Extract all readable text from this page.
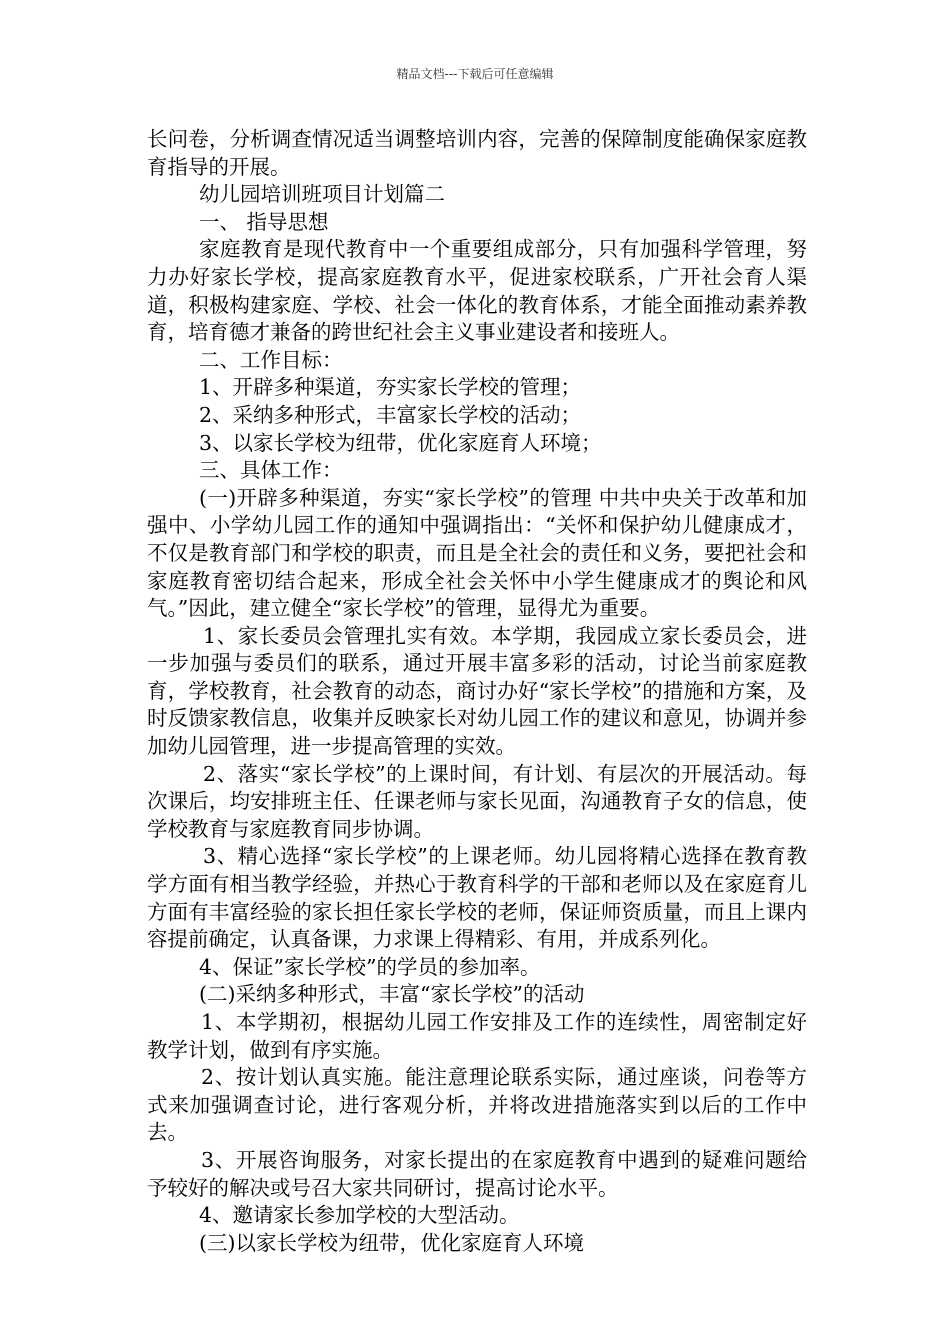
精品文档---下载后可任意编辑

长问卷，分析调查情况适当调整培训内容，完善的保障制度能确保家庭教育指导的开展。

幼儿园培训班项目计划篇二

一、 指导思想

家庭教育是现代教育中一个重要组成部分，只有加强科学管理，努力办好家长学校，提高家庭教育水平，促进家校联系，广开社会育人渠道，积极构建家庭、学校、社会一体化的教育体系，才能全面推动素养教育，培育德才兼备的跨世纪社会主义事业建设者和接班人。

二、工作目标：

1、开辟多种渠道，夯实家长学校的管理；

2、采纳多种形式，丰富家长学校的活动；

3、以家长学校为纽带，优化家庭育人环境；

三、具体工作：

(一)开辟多种渠道，夯实“家长学校”的管理 中共中央关于改革和加强中、小学幼儿园工作的通知中强调指出：“关怀和保护幼儿健康成才，不仅是教育部门和学校的职责，而且是全社会的责任和义务，要把社会和家庭教育密切结合起来，形成全社会关怀中小学生健康成才的舆论和风气。”因此，建立健全“家长学校”的管理，显得尤为重要。

1、家长委员会管理扎实有效。本学期，我园成立家长委员会，进一步加强与委员们的联系，通过开展丰富多彩的活动，讨论当前家庭教育，学校教育，社会教育的动态，商讨办好“家长学校”的措施和方案，及时反馈家教信息，收集并反映家长对幼儿园工作的建议和意见，协调并参加幼儿园管理，进一步提高管理的实效。

2、落实“家长学校”的上课时间，有计划、有层次的开展活动。每次课后，均安排班主任、任课老师与家长见面，沟通教育子女的信息，使学校教育与家庭教育同步协调。

3、精心选择“家长学校”的上课老师。幼儿园将精心选择在教育教学方面有相当教学经验，并热心于教育科学的干部和老师以及在家庭育儿方面有丰富经验的家长担任家长学校的老师，保证师资质量，而且上课内容提前确定，认真备课，力求课上得精彩、有用，并成系列化。

4、保证”家长学校”的学员的参加率。

(二)采纳多种形式，丰富“家长学校”的活动

1、本学期初，根据幼儿园工作安排及工作的连续性，周密制定好教学计划，做到有序实施。

2、按计划认真实施。能注意理论联系实际，通过座谈，问卷等方式来加强调查讨论，进行客观分析，并将改进措施落实到以后的工作中去。

3、开展咨询服务，对家长提出的在家庭教育中遇到的疑难问题给予较好的解决或号召大家共同研讨，提高讨论水平。

4、邀请家长参加学校的大型活动。

(三)以家长学校为纽带，优化家庭育人环境
